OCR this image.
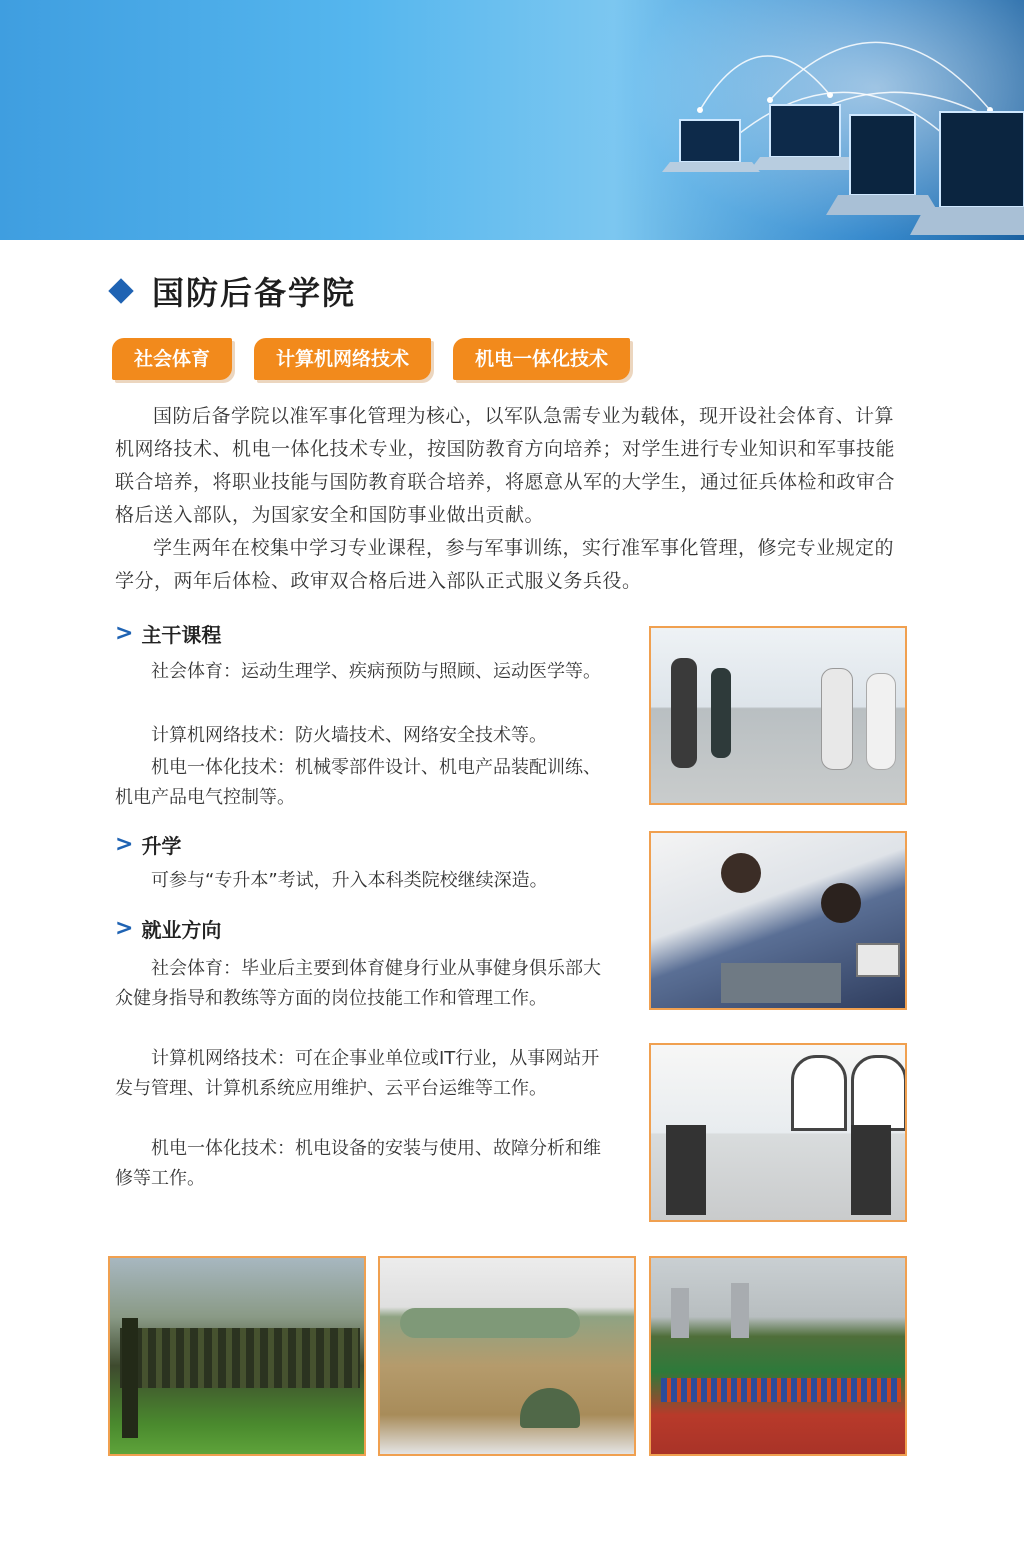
国防后备学院
社会体育	计算机网络技术	机电一体化技术
国防后备学院以准军事化管理为核心，以军队急需专业为载体，现开设社会体育、计算机网络技术、机电一体化技术专业，按国防教育方向培养；对学生进行专业知识和军事技能联合培养，将职业技能与国防教育联合培养，将愿意从军的大学生，通过征兵体检和政审合格后送入部队，为国家安全和国防事业做出贡献。
学生两年在校集中学习专业课程，参与军事训练，实行准军事化管理，修完专业规定的学分，两年后体检、政审双合格后进入部队正式服义务兵役。
> 主干课程
社会体育：运动生理学、疾病预防与照顾、运动医学等。
计算机网络技术：防火墙技术、网络安全技术等。
机电一体化技术：机械零部件设计、机电产品装配训练、机电产品电气控制等。
> 升学
可参与“专升本”考试，升入本科类院校继续深造。
> 就业方向
社会体育：毕业后主要到体育健身行业从事健身俱乐部大众健身指导和教练等方面的岗位技能工作和管理工作。
计算机网络技术：可在企事业单位或IT行业，从事网站开发与管理、计算机系统应用维护、云平台运维等工作。
机电一体化技术：机电设备的安装与使用、故障分析和维修等工作。
